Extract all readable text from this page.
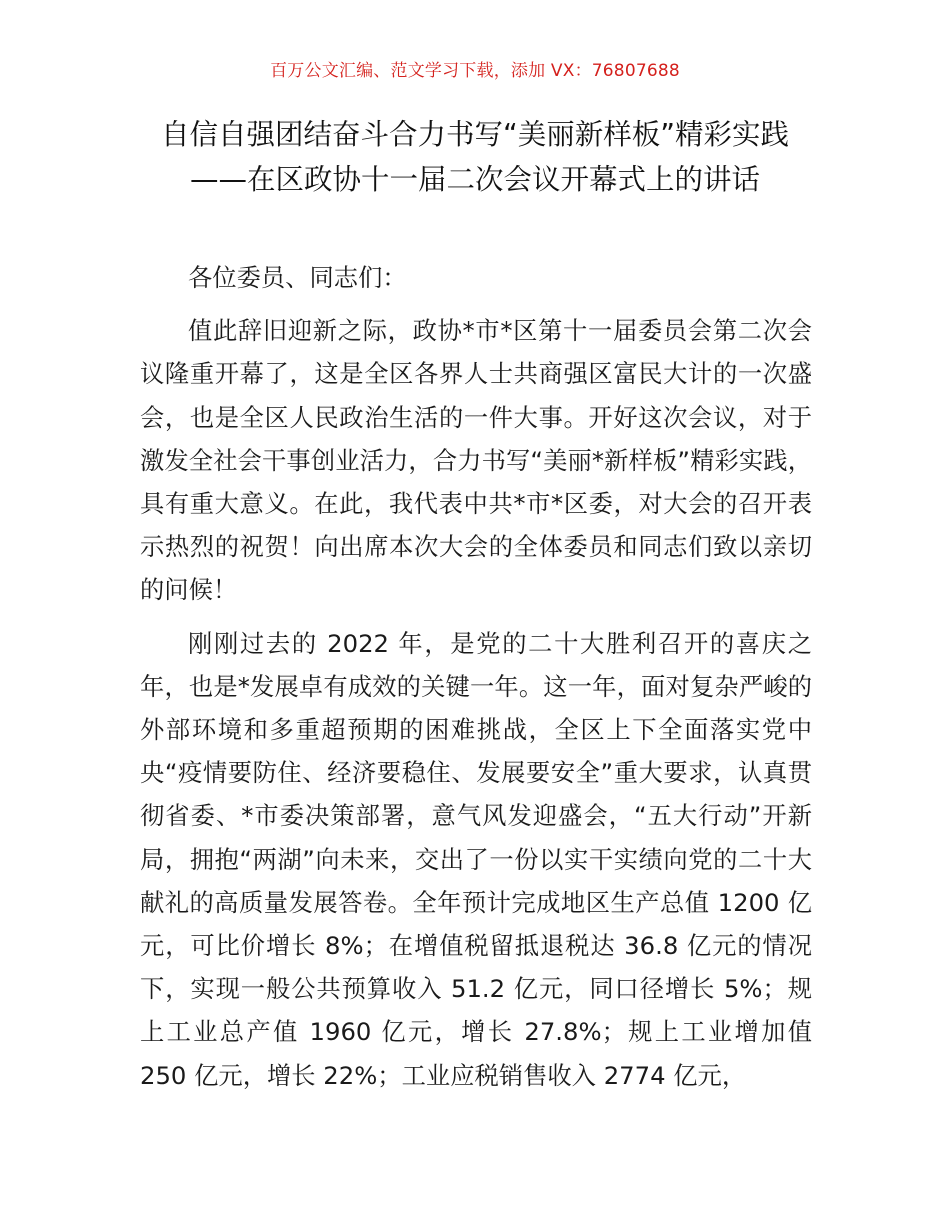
百万公文汇编、范文学习下载，添加 VX：76807688
自信自强团结奋斗合力书写“美丽新样板”精彩实践——在区政协十一届二次会议开幕式上的讲话

各位委员、同志们：

值此辞旧迎新之际，政协*市*区第十一届委员会第二次会议隆重开幕了，这是全区各界人士共商强区富民大计的一次盛会，也是全区人民政治生活的一件大事。开好这次会议，对于激发全社会干事创业活力，合力书写“美丽*新样板”精彩实践，具有重大意义。在此，我代表中共*市*区委，对大会的召开表示热烈的祝贺！向出席本次大会的全体委员和同志们致以亲切的问候！

刚刚过去的 2022 年，是党的二十大胜利召开的喜庆之年，也是*发展卓有成效的关键一年。这一年，面对复杂严峻的外部环境和多重超预期的困难挑战，全区上下全面落实党中央“疫情要防住、经济要稳住、发展要安全”重大要求，认真贯彻省委、*市委决策部署，意气风发迎盛会，“五大行动”开新局，拥抱“两湖”向未来，交出了一份以实干实绩向党的二十大献礼的高质量发展答卷。全年预计完成地区生产总值 1200 亿元，可比价增长 8%；在增值税留抵退税达 36.8 亿元的情况下，实现一般公共预算收入 51.2 亿元，同口径增长 5%；规上工业总产值 1960 亿元，增长 27.8%；规上工业增加值 250 亿元，增长 22%；工业应税销售收入 2774 亿元，
